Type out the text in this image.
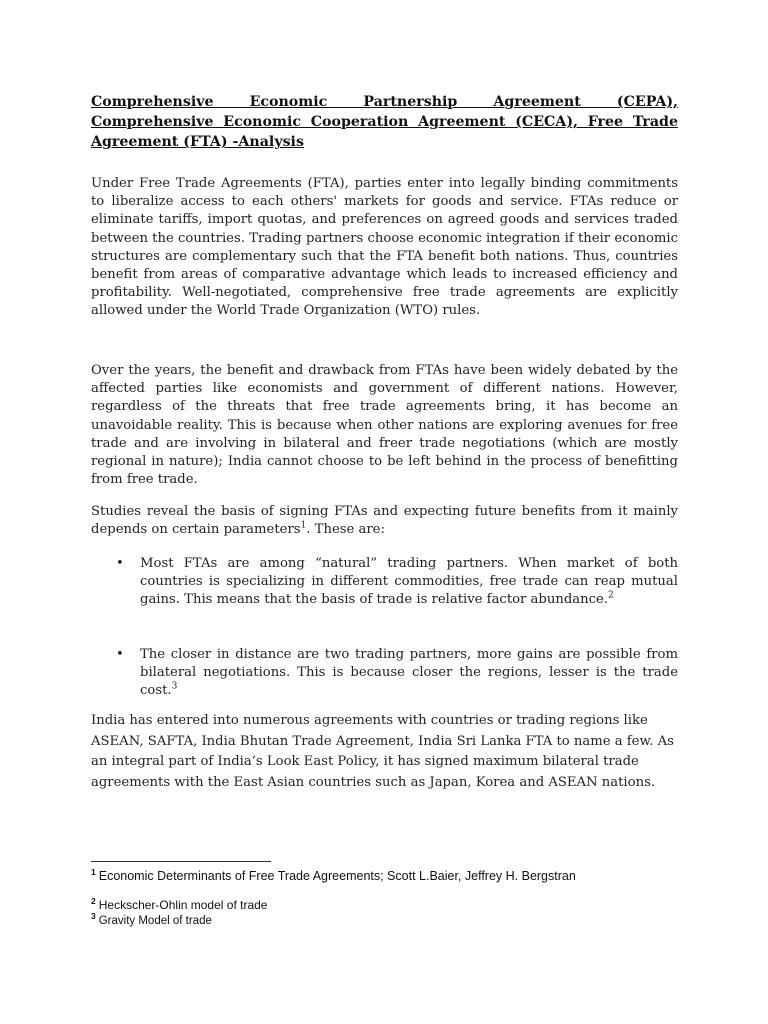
Comprehensive Economic Partnership Agreement (CEPA), Comprehensive Economic Cooperation Agreement (CECA), Free Trade Agreement (FTA) -Analysis

Under Free Trade Agreements (FTA), parties enter into legally binding commitments to liberalize access to each others' markets for goods and service. FTAs reduce or eliminate tariffs, import quotas, and preferences on agreed goods and services traded between the countries. Trading partners choose economic integration if their economic structures are complementary such that the FTA benefit both nations. Thus, countries benefit from areas of comparative advantage which leads to increased efficiency and profitability. Well-negotiated, comprehensive free trade agreements are explicitly allowed under the World Trade Organization (WTO) rules.

Over the years, the benefit and drawback from FTAs have been widely debated by the affected parties like economists and government of different nations. However, regardless of the threats that free trade agreements bring, it has become an unavoidable reality. This is because when other nations are exploring avenues for free trade and are involving in bilateral and freer trade negotiations (which are mostly regional in nature); India cannot choose to be left behind in the process of benefitting from free trade.

Studies reveal the basis of signing FTAs and expecting future benefits from it mainly depends on certain parameters$^1$. These are:

• Most FTAs are among “natural” trading partners. When market of both countries is specializing in different commodities, free trade can reap mutual gains. This means that the basis of trade is relative factor abundance.$^2$
• The closer in distance are two trading partners, more gains are possible from bilateral negotiations. This is because closer the regions, lesser is the trade cost.$^3$

India has entered into numerous agreements with countries or trading regions like ASEAN, SAFTA, India Bhutan Trade Agreement, India Sri Lanka FTA to name a few. As an integral part of India’s Look East Policy, it has signed maximum bilateral trade agreements with the East Asian countries such as Japan, Korea and ASEAN nations.

$^1$ Economic Determinants of Free Trade Agreements; Scott L.Baier, Jeffrey H. Bergstran
$^2$ Heckscher-Ohlin model of trade
$^3$ Gravity Model of trade
